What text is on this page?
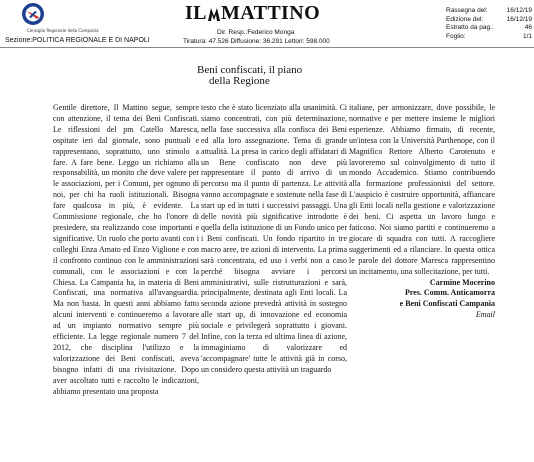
Consiglio Regionale della Campania
Sezione:POLITICA REGIONALE E DI NAPOLI
IL MATTINO
Dir. Resp.:Federico Monga
Tiratura: 47.526 Diffusione: 36.291 Lettori: 598.000
Rassegna del:	16/12/19
Edizione del:	16/12/19
Estratto da pag.:	46
Foglio:	1/1
Beni confiscati, il piano
della Regione

Gentile direttore, Il Mattino segue, sempre con attenzione, il tema dei Beni Confiscati. Le riflessioni del pm Catello Maresca, ospitate ieri dal giornale, sono puntuali e rappresentano, soprattutto, uno stimolo a fare. A fare bene. Leggo un richiamo alla responsabilità, un monito che deve valere per le associazioni, per i Comuni, per ognuno di noi, per chi ha ruoli istituzionali. Bisogna fare qualcosa in più, è evidente. La Commissione regionale, che ho l'onore di presiedere, sta realizzando cose importanti e significative. Un ruolo che porto avanti con i colleghi Enza Amato ed Enzo Viglione e con il confronto continuo con le amministrazioni comunali, con le associazioni e con la Chiesa. La Campania ha, in materia di Beni Confiscati, una normativa all'avanguardia. Ma non basta. In questi anni abbiamo fatto alcuni interventi e continueremo a lavorare ad un impianto normativo sempre più efficiente. La legge regionale numero 7 del 2012, che disciplina l'utilizzo e la valorizzazione dei Beni confiscati, aveva bisogno infatti di una rivisitazione. Dopo aver ascoltato tutti e raccolto le indicazioni, abbiamo presentato una proposta

testo che è stato licenziato alla unanimità. Ci siamo concentrati, con più determinazione, nella fase successiva alla confisca dei Beni ed alla loro assegnazione. Tema di grande attualità. La presa in carico degli affidatari di un Bene confiscato non deve più rappresentare il punto di arrivo di un percorso ma il punto di partenza. Le attività vanno accompagnate e sostenute nella fase di start up ed in tutti i successivi passaggi. Una delle novità più significative introdotte è quella della istituzione di un Fondo unico per i Beni confiscati. Un fondo ripartito in tre macro aree, tre azioni di intervento. La prima sarà concentrata, ed uso i verbi non a caso perché bisogna avviare i percorsi amministrativi, sulle ristrutturazioni e sarà, principalmente, destinata agli Enti locali. La seconda azione prevedrà attività in sostegno alle start up, di innovazione ed economia sociale e privilegerà soprattutto i giovani. Infine, con la terza ed ultima linea di azione, immaginiamo di valorizzare ed 'accompagnare' tutte le attività già in corso, un considero questa attività un traguardo

italiane, per armonizzare, dove possibile, le normative e per mettere insieme le migliori esperienze. Abbiamo firmato, di recente, un'intesa con la Università Parthenope, con il Magnifico Rettore Alberto Carotenuto e lavoreremo sul coinvolgimento di tutto il mondo Accademico. Stiamo contribuendo alla formazione professionisti del settore. L'auspicio è costruire opportunità, affiancare gli Enti locali nella gestione e valorizzazione dei beni. Ci aspetta un lavoro lungo e faticoso. Noi siamo partiti e continueremo a giocare di squadra con tutti. A raccogliere suggerimenti ed a rilanciare. In questa ottica le parole del dottore Maresca rappresentino un incitamento, una sollecitazione, per tutti.

Carmine Mocerino
Pres. Comm. Anticamorra
e Beni Confiscati Campania
Email
